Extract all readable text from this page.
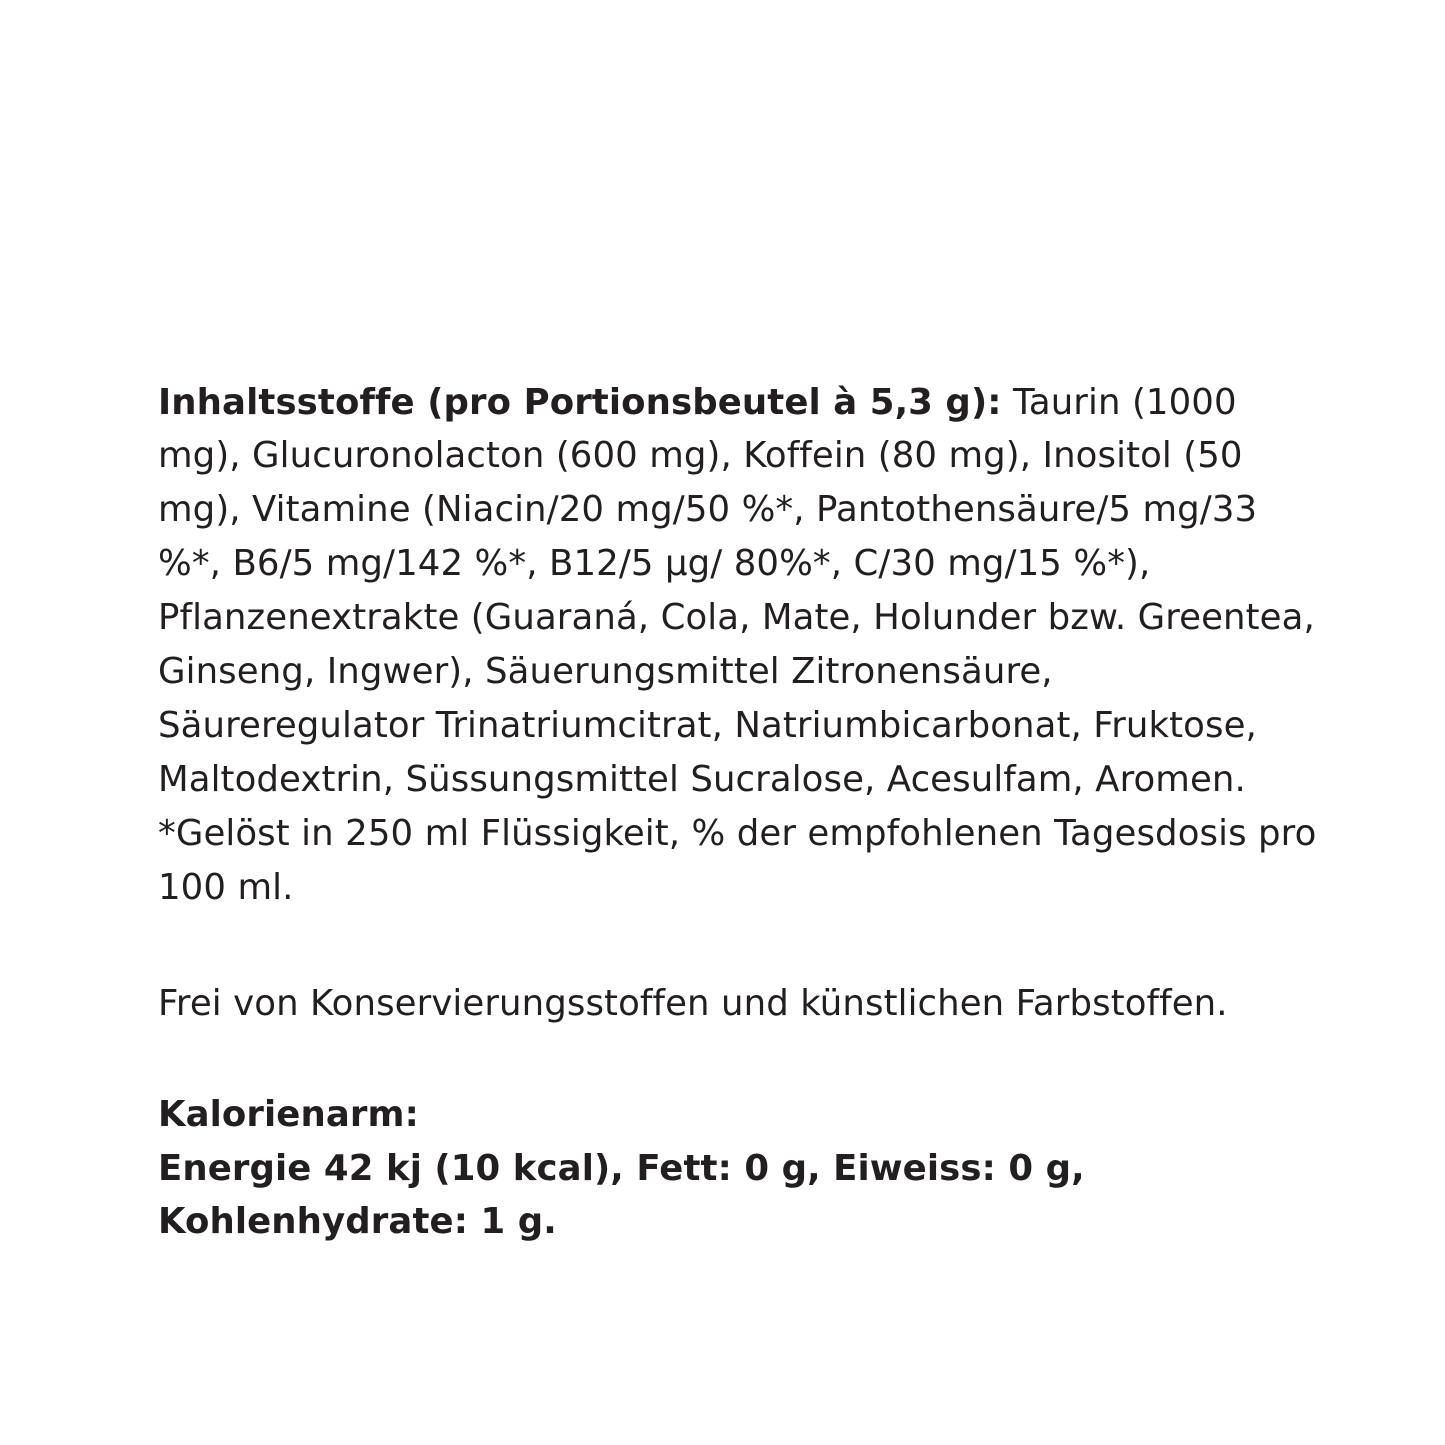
Inhaltsstoffe (pro Portionsbeutel à 5,3 g): Taurin (1000 mg), Glucuronolacton (600 mg), Koffein (80 mg), Inositol (50 mg), Vitamine (Niacin/20 mg/50 %*, Pantothensäure/5 mg/33 %*, B6/5 mg/142 %*, B12/5 µg/ 80%*, C/30 mg/15 %*), Pflanzenextrakte (Guaraná, Cola, Mate, Holunder bzw. Greentea, Ginseng, Ingwer), Säuerungsmittel Zitronensäure, Säureregulator Trinatriumcitrat, Natriumbicarbonat, Fruktose, Maltodextrin, Süssungsmittel Sucralose, Acesulfam, Aromen. *Gelöst in 250 ml Flüssigkeit, % der empfohlenen Tagesdosis pro 100 ml.

Frei von Konservierungsstoffen und künstlichen Farbstoffen.

Kalorienarm:
Energie 42 kj (10 kcal), Fett: 0 g, Eiweiss: 0 g, Kohlenhydrate: 1 g.
